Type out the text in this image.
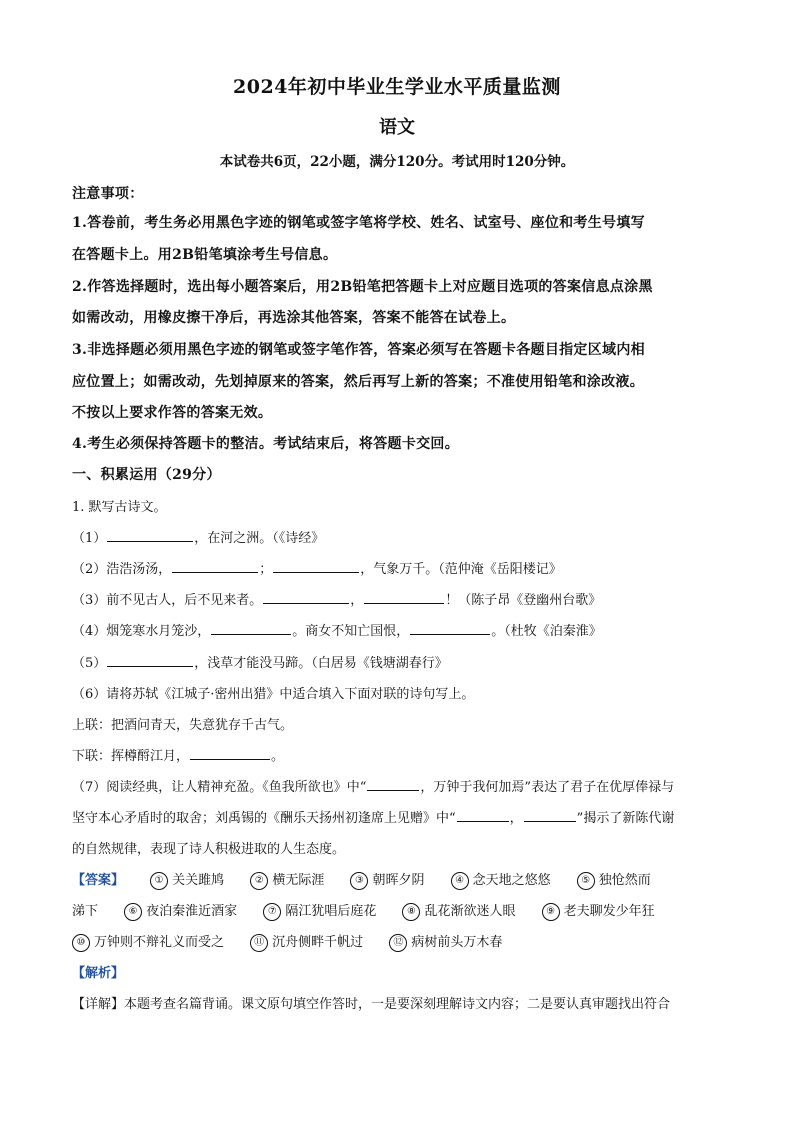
2024年初中毕业生学业水平质量监测
语文
本试卷共6页，22小题，满分120分。考试用时120分钟。
注意事项：
1.答卷前，考生务必用黑色字迹的钢笔或签字笔将学校、姓名、试室号、座位和考生号填写
在答题卡上。用2B铅笔填涂考生号信息。
2.作答选择题时，选出每小题答案后，用2B铅笔把答题卡上对应题目选项的答案信息点涂黑
如需改动，用橡皮擦干净后，再选涂其他答案，答案不能答在试卷上。
3.非选择题必须用黑色字迹的钢笔或签字笔作答，答案必须写在答题卡各题目指定区域内相
应位置上；如需改动，先划掉原来的答案，然后再写上新的答案；不准使用铅笔和涂改液。
不按以上要求作答的答案无效。
4.考生必须保持答题卡的整洁。考试结束后，将答题卡交回。
一、积累运用（29分）
1. 默写古诗文。
（1）	，在河之洲。（《诗经》
（2）浩浩汤汤，	；	，气象万千。（范仲淹《岳阳楼记》
（3）前不见古人，后不见来者。	，	！（陈子昂《登幽州台歌》
（4）烟笼寒水月笼沙，	。商女不知亡国恨，	。（杜牧《泊秦淮》
（5）	，浅草才能没马蹄。（白居易《钱塘湖春行》
（6）请将苏轼《江城子·密州出猎》中适合填入下面对联的诗句写上。
上联：把酒问青天，失意犹存千古气。
下联：挥樽酹江月，	。
（7）阅读经典，让人精神充盈。《鱼我所欲也》中“	，万钟于我何加焉”表达了君子在优厚俸禄与
坚守本心矛盾时的取舍；刘禹锡的《酬乐天扬州初逢席上见赠》中“	，	”揭示了新陈代谢
的自然规律，表现了诗人积极进取的人生态度。
【答案】	① 关关雎鸠	② 横无际涯	③ 朝晖夕阴	④ 念天地之悠悠	⑤ 独怆然而
涕下	⑥ 夜泊秦淮近酒家	⑦ 隔江犹唱后庭花	⑧ 乱花渐欲迷人眼	⑨ 老夫聊发少年狂
⑩ 万钟则不辩礼义而受之	⑪ 沉舟侧畔千帆过	⑫ 病树前头万木春
【解析】
【详解】本题考查名篇背诵。课文原句填空作答时，一是要深刻理解诗文内容；二是要认真审题找出符合
